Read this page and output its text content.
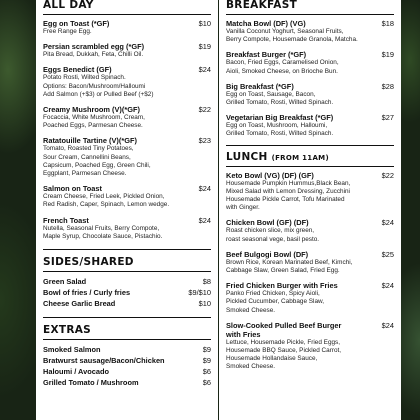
ALL DAY
Egg on Toast (*GF)	$10
Free Range Egg.
Persian scrambled egg (*GF)	$19
Pita Bread, Dukkah, Feta, Chilli Oil.
Eggs Benedict (GF)	$24
Potato Rosti, Wilted Spinach.
Options: Bacon/Mushroom/Halloumi
Add Salmon (+$3) or Pulled Beef (+$2)
Creamy Mushroom (V)(*GF)	$22
Focaccia, White Mushroom, Cream,
Poached Eggs, Parmesan Cheese.
Ratatouille Tartine (V)(*GF)	$23
Tomato, Roasted Tiny Potatoes,
Sour Cream, Cannellini Beans,
Capsicum, Poached Egg, Green Chili,
Eggplant, Parmesan Cheese.
Salmon on Toast	$24
Cream Cheese, Fried Leek, Pickled Onion,
Red Radish, Caper, Spinach, Lemon wedge.
French Toast	$24
Nutella, Seasonal Fruits, Berry Compote,
Maple Syrup, Chocolate Sauce, Pistachio.
SIDES/SHARED
Green Salad	$8
Bowl of fries / Curly fries	$9/$10
Cheese Garlic Bread	$10
EXTRAS
Smoked Salmon	$9
Bratwurst sausage/Bacon/Chicken	$9
Haloumi / Avocado	$6
Grilled Tomato / Mushroom	$6
BREAKFAST
Matcha Bowl (DF) (VG)	$18
Vanilla Coconut Yoghurt, Seasonal Fruits,
Berry Compote, Housemade Granola, Matcha.
Breakfast Burger (*GF)	$19
Bacon, Fried Eggs, Caramelised Onion,
Aioli, Smoked Cheese, on Brioche Bun.
Big Breakfast (*GF)	$28
Egg on Toast, Sausage, Bacon,
Grilled Tomato, Rosti, Wilted Spinach.
Vegetarian Big Breakfast (*GF)	$27
Egg on Toast, Mushroom, Halloumi,
Grilled Tomato, Rosti, Wilted Spinach.
LUNCH (FROM 11AM)
Keto Bowl (VG) (DF) (GF)	$22
Housemade Pumpkin Hummus,Black Bean,
Mixed Salad with Lemon Dressing, Zucchini
Housemade Pickle Carrot, Tofu Marinated
with Ginger.
Chicken Bowl (GF) (DF)	$24
Roast chicken slice, mix green,
roast seasonal vege, basil pesto.
Beef Bulgogi Bowl (DF)	$25
Brown Rice, Korean Marinated Beef, Kimchi,
Cabbage Slaw, Green Salad, Fried Egg.
Fried Chicken Burger with Fries	$24
Panko Fried Chicken, Spicy Aioli,
Pickled Cucumber, Cabbage Slaw,
Smoked Cheese.
Slow-Cooked Pulled Beef Burger	$24
with Fries
Lettuce, Housemade Pickle, Fried Eggs,
Housemade BBQ Sauce, Pickled Carrot,
Housemade Hollandaise Sauce,
Smoked Cheese.
